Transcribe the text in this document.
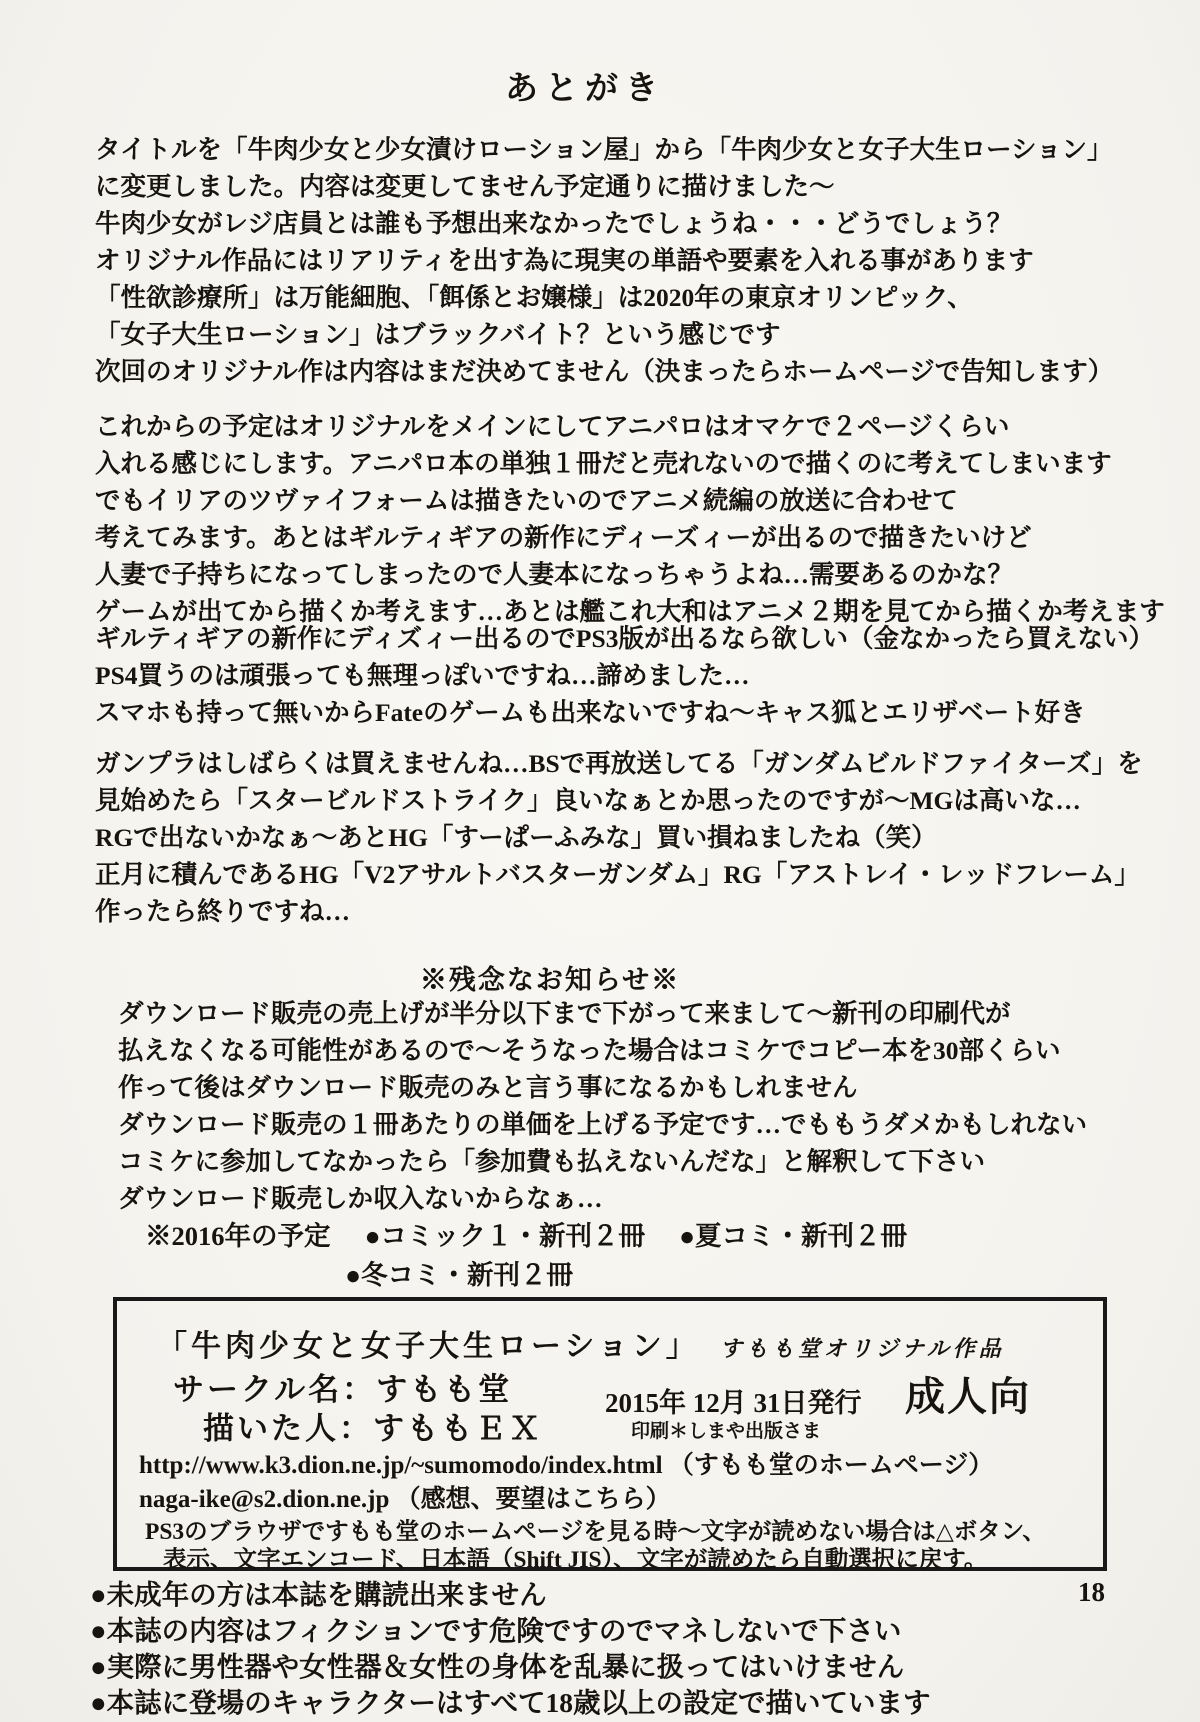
あとがき
タイトルを「牛肉少女と少女漬けローション屋」から「牛肉少女と女子大生ローション」
に変更しました。内容は変更してません予定通りに描けました～
牛肉少女がレジ店員とは誰も予想出来なかったでしょうね・・・どうでしょう？
オリジナル作品にはリアリティを出す為に現実の単語や要素を入れる事があります
「性欲診療所」は万能細胞、「餌係とお嬢様」は2020年の東京オリンピック、
「女子大生ローション」はブラックバイト？という感じです
次回のオリジナル作は内容はまだ決めてません（決まったらホームページで告知します）
これからの予定はオリジナルをメインにしてアニパロはオマケで２ページくらい
入れる感じにします。アニパロ本の単独１冊だと売れないので描くのに考えてしまいます
でもイリアのツヴァイフォームは描きたいのでアニメ続編の放送に合わせて
考えてみます。あとはギルティギアの新作にディーズィーが出るので描きたいけど
人妻で子持ちになってしまったので人妻本になっちゃうよね…需要あるのかな？
ゲームが出てから描くか考えます…あとは艦これ大和はアニメ２期を見てから描くか考えます
ギルティギアの新作にディズィー出るのでPS3版が出るなら欲しい（金なかったら買えない）
PS4買うのは頑張っても無理っぽいですね…諦めました…
スマホも持って無いからFateのゲームも出来ないですね～キャス狐とエリザベート好き
ガンプラはしばらくは買えませんね…BSで再放送してる「ガンダムビルドファイターズ」を
見始めたら「スタービルドストライク」良いなぁとか思ったのですが～MGは高いな…
RGで出ないかなぁ～あとHG「すーぱーふみな」買い損ねましたね（笑）
正月に積んであるHG「V2アサルトバスターガンダム」RG「アストレイ・レッドフレーム」
作ったら終りですね…
※残念なお知らせ※
ダウンロード販売の売上げが半分以下まで下がって来まして～新刊の印刷代が
払えなくなる可能性があるので～そうなった場合はコミケでコピー本を30部くらい
作って後はダウンロード販売のみと言う事になるかもしれません
ダウンロード販売の１冊あたりの単価を上げる予定です…でももうダメかもしれない
コミケに参加してなかったら「参加費も払えないんだな」と解釈して下さい
ダウンロード販売しか収入ないからなぁ…
※2016年の予定 ●コミック１・新刊２冊 ●夏コミ・新刊２冊
●冬コミ・新刊２冊
「牛肉少女と女子大生ローション」 すもも堂オリジナル作品
サークル名：すもも堂
描いた人：すももＥＸ
2015年 12月 31日発行
印刷＊しまや出版さま
成人向
http://www.k3.dion.ne.jp/~sumomodo/index.html （すもも堂のホームページ）
naga-ike@s2.dion.ne.jp （感想、要望はこちら）
PS3のブラウザですもも堂のホームページを見る時～文字が読めない場合は△ボタン、
表示、文字エンコード、日本語（Shift JIS）、文字が読めたら自動選択に戻す。
18
●未成年の方は本誌を購読出来ません
●本誌の内容はフィクションです危険ですのでマネしないで下さい
●実際に男性器や女性器＆女性の身体を乱暴に扱ってはいけません
●本誌に登場のキャラクターはすべて18歳以上の設定で描いています
